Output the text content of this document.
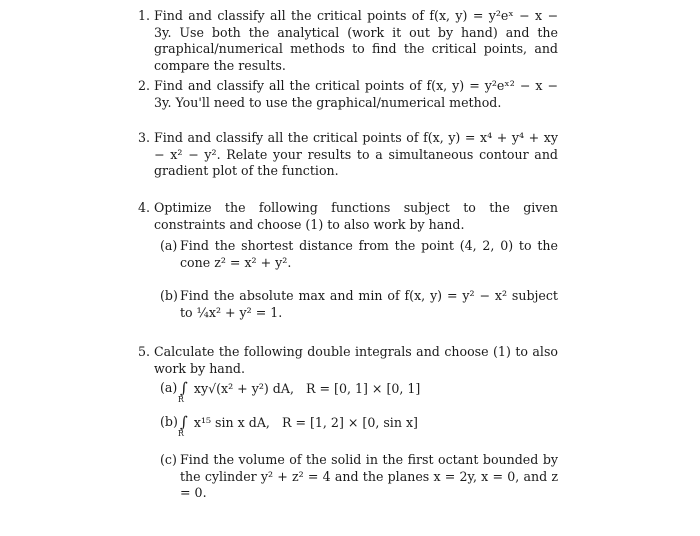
1. Find and classify all the critical points of f(x, y) = y²eˣ − x − 3y. Use both the analytical (work it out by hand) and the graphical/numerical methods to find the critical points, and compare the results.
2. Find and classify all the critical points of f(x, y) = y²eˣ² − x − 3y. You'll need to use the graphical/numerical method.
3. Find and classify all the critical points of f(x, y) = x⁴ + y⁴ + xy − x² − y². Relate your results to a simultaneous contour and gradient plot of the function.
4. Optimize the following functions subject to the given constraints and choose (1) to also work by hand.
(a) Find the shortest distance from the point (4, 2, 0) to the cone z² = x² + y².
(b) Find the absolute max and min of f(x, y) = y² − x² subject to ¼x² + y² = 1.
5. Calculate the following double integrals and choose (1) to also work by hand.
(a) $\int_Rxy√(x^2 + y^2)$ dA, R = [0, 1] × [0, 1]
(b) $\int_Rx^{15}$ sin x dA, R = [1, 2] × [0, sin x]
(c) Find the volume of the solid in the first octant bounded by the cylinder y² + z² = 4 and the planes x = 2y, x = 0, and z = 0.
